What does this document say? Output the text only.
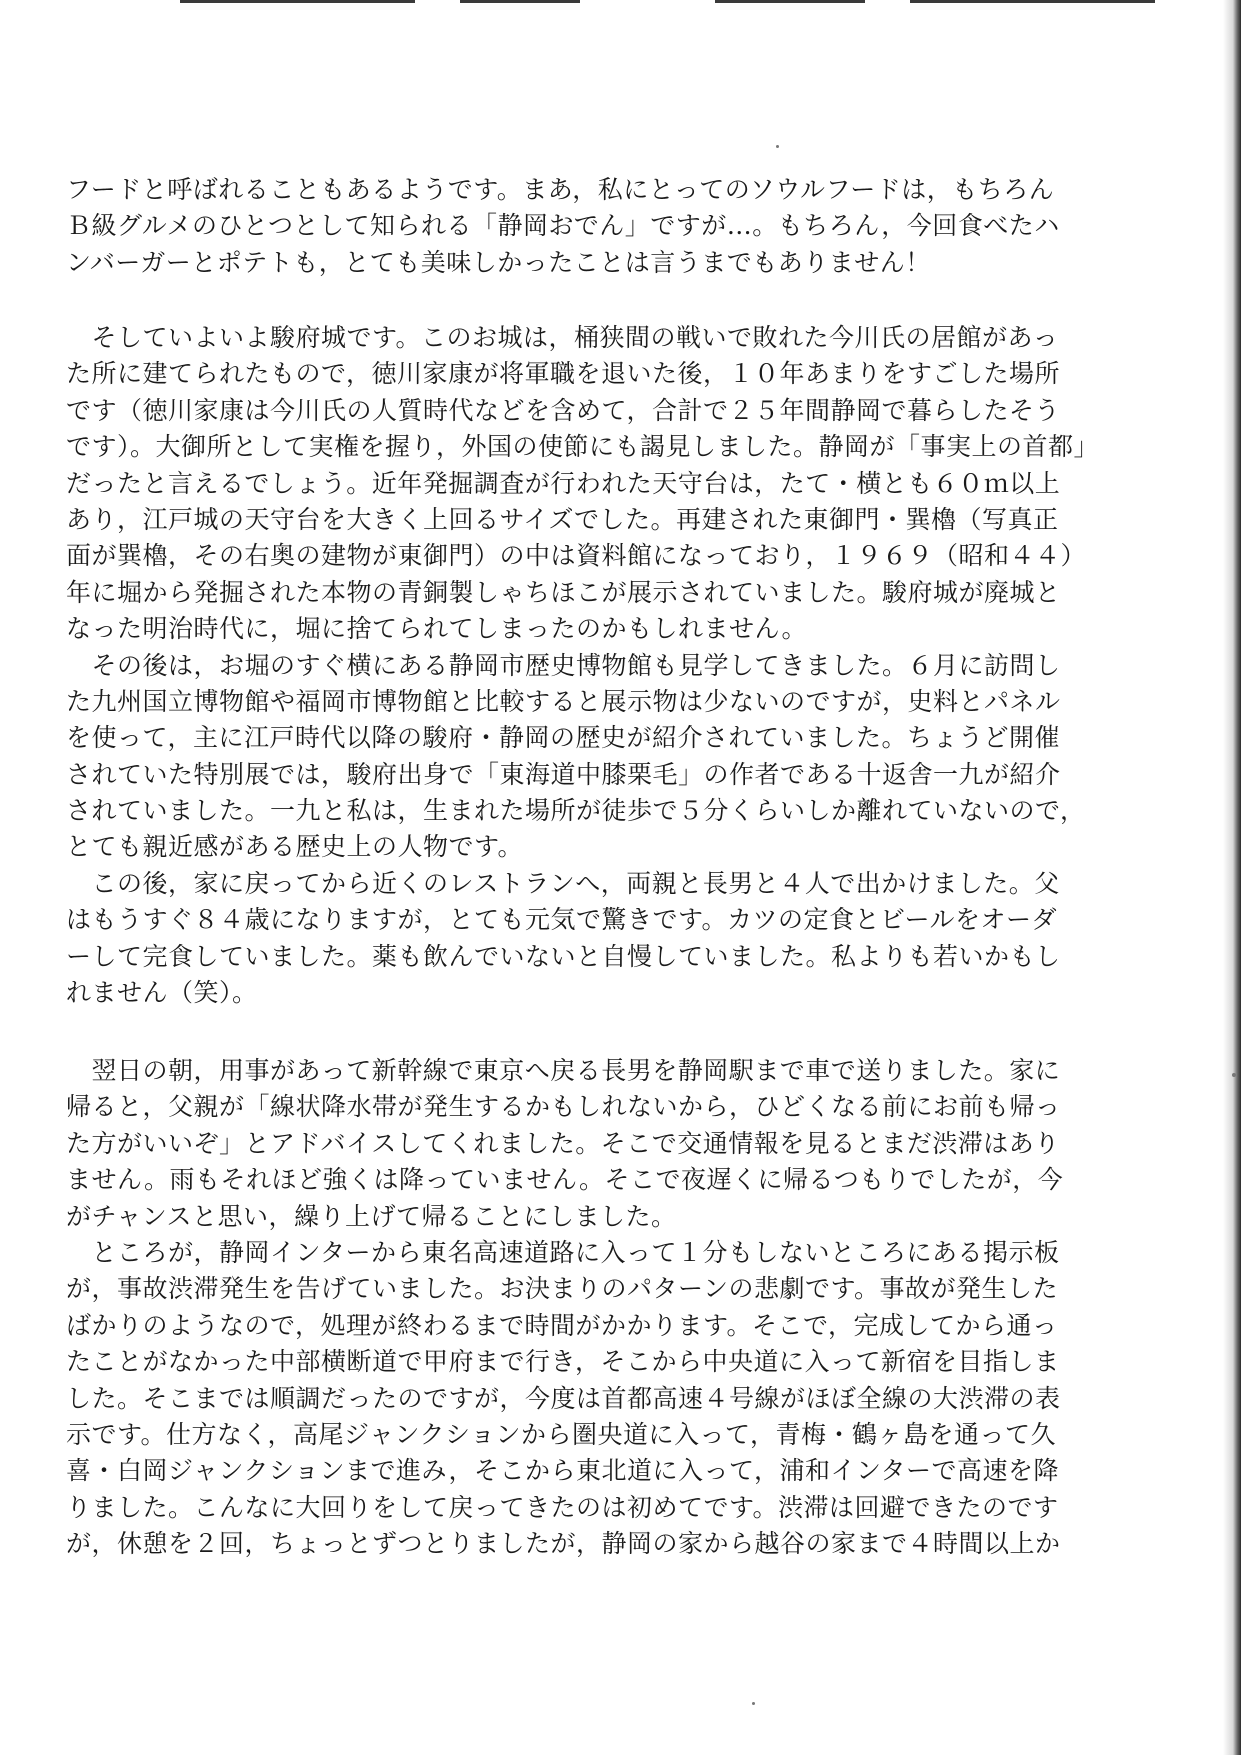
フードと呼ばれることもあるようです。まあ，私にとってのソウルフードは，もちろん
Ｂ級グルメのひとつとして知られる「静岡おでん」ですが…。もちろん，今回食べたハ
ンバーガーとポテトも，とても美味しかったことは言うまでもありません！
　そしていよいよ駿府城です。このお城は，桶狭間の戦いで敗れた今川氏の居館があっ
た所に建てられたもので，徳川家康が将軍職を退いた後，１０年あまりをすごした場所
です（徳川家康は今川氏の人質時代などを含めて，合計で２５年間静岡で暮らしたそう
です）。大御所として実権を握り，外国の使節にも謁見しました。静岡が「事実上の首都」
だったと言えるでしょう。近年発掘調査が行われた天守台は，たて・横とも６０ｍ以上
あり，江戸城の天守台を大きく上回るサイズでした。再建された東御門・巽櫓（写真正
面が巽櫓，その右奥の建物が東御門）の中は資料館になっており，１９６９（昭和４４）
年に堀から発掘された本物の青銅製しゃちほこが展示されていました。駿府城が廃城と
なった明治時代に，堀に捨てられてしまったのかもしれません。
　その後は，お堀のすぐ横にある静岡市歴史博物館も見学してきました。６月に訪問し
た九州国立博物館や福岡市博物館と比較すると展示物は少ないのですが，史料とパネル
を使って，主に江戸時代以降の駿府・静岡の歴史が紹介されていました。ちょうど開催
されていた特別展では，駿府出身で「東海道中膝栗毛」の作者である十返舎一九が紹介
されていました。一九と私は，生まれた場所が徒歩で５分くらいしか離れていないので，
とても親近感がある歴史上の人物です。
　この後，家に戻ってから近くのレストランへ，両親と長男と４人で出かけました。父
はもうすぐ８４歳になりますが，とても元気で驚きです。カツの定食とビールをオーダ
ーして完食していました。薬も飲んでいないと自慢していました。私よりも若いかもし
れません（笑）。
　翌日の朝，用事があって新幹線で東京へ戻る長男を静岡駅まで車で送りました。家に
帰ると，父親が「線状降水帯が発生するかもしれないから，ひどくなる前にお前も帰っ
た方がいいぞ」とアドバイスしてくれました。そこで交通情報を見るとまだ渋滞はあり
ません。雨もそれほど強くは降っていません。そこで夜遅くに帰るつもりでしたが，今
がチャンスと思い，繰り上げて帰ることにしました。
　ところが，静岡インターから東名高速道路に入って１分もしないところにある掲示板
が，事故渋滞発生を告げていました。お決まりのパターンの悲劇です。事故が発生した
ばかりのようなので，処理が終わるまで時間がかかります。そこで，完成してから通っ
たことがなかった中部横断道で甲府まで行き，そこから中央道に入って新宿を目指しま
した。そこまでは順調だったのですが，今度は首都高速４号線がほぼ全線の大渋滞の表
示です。仕方なく，高尾ジャンクションから圏央道に入って，青梅・鶴ヶ島を通って久
喜・白岡ジャンクションまで進み，そこから東北道に入って，浦和インターで高速を降
りました。こんなに大回りをして戻ってきたのは初めてです。渋滞は回避できたのです
が，休憩を２回，ちょっとずつとりましたが，静岡の家から越谷の家まで４時間以上か
